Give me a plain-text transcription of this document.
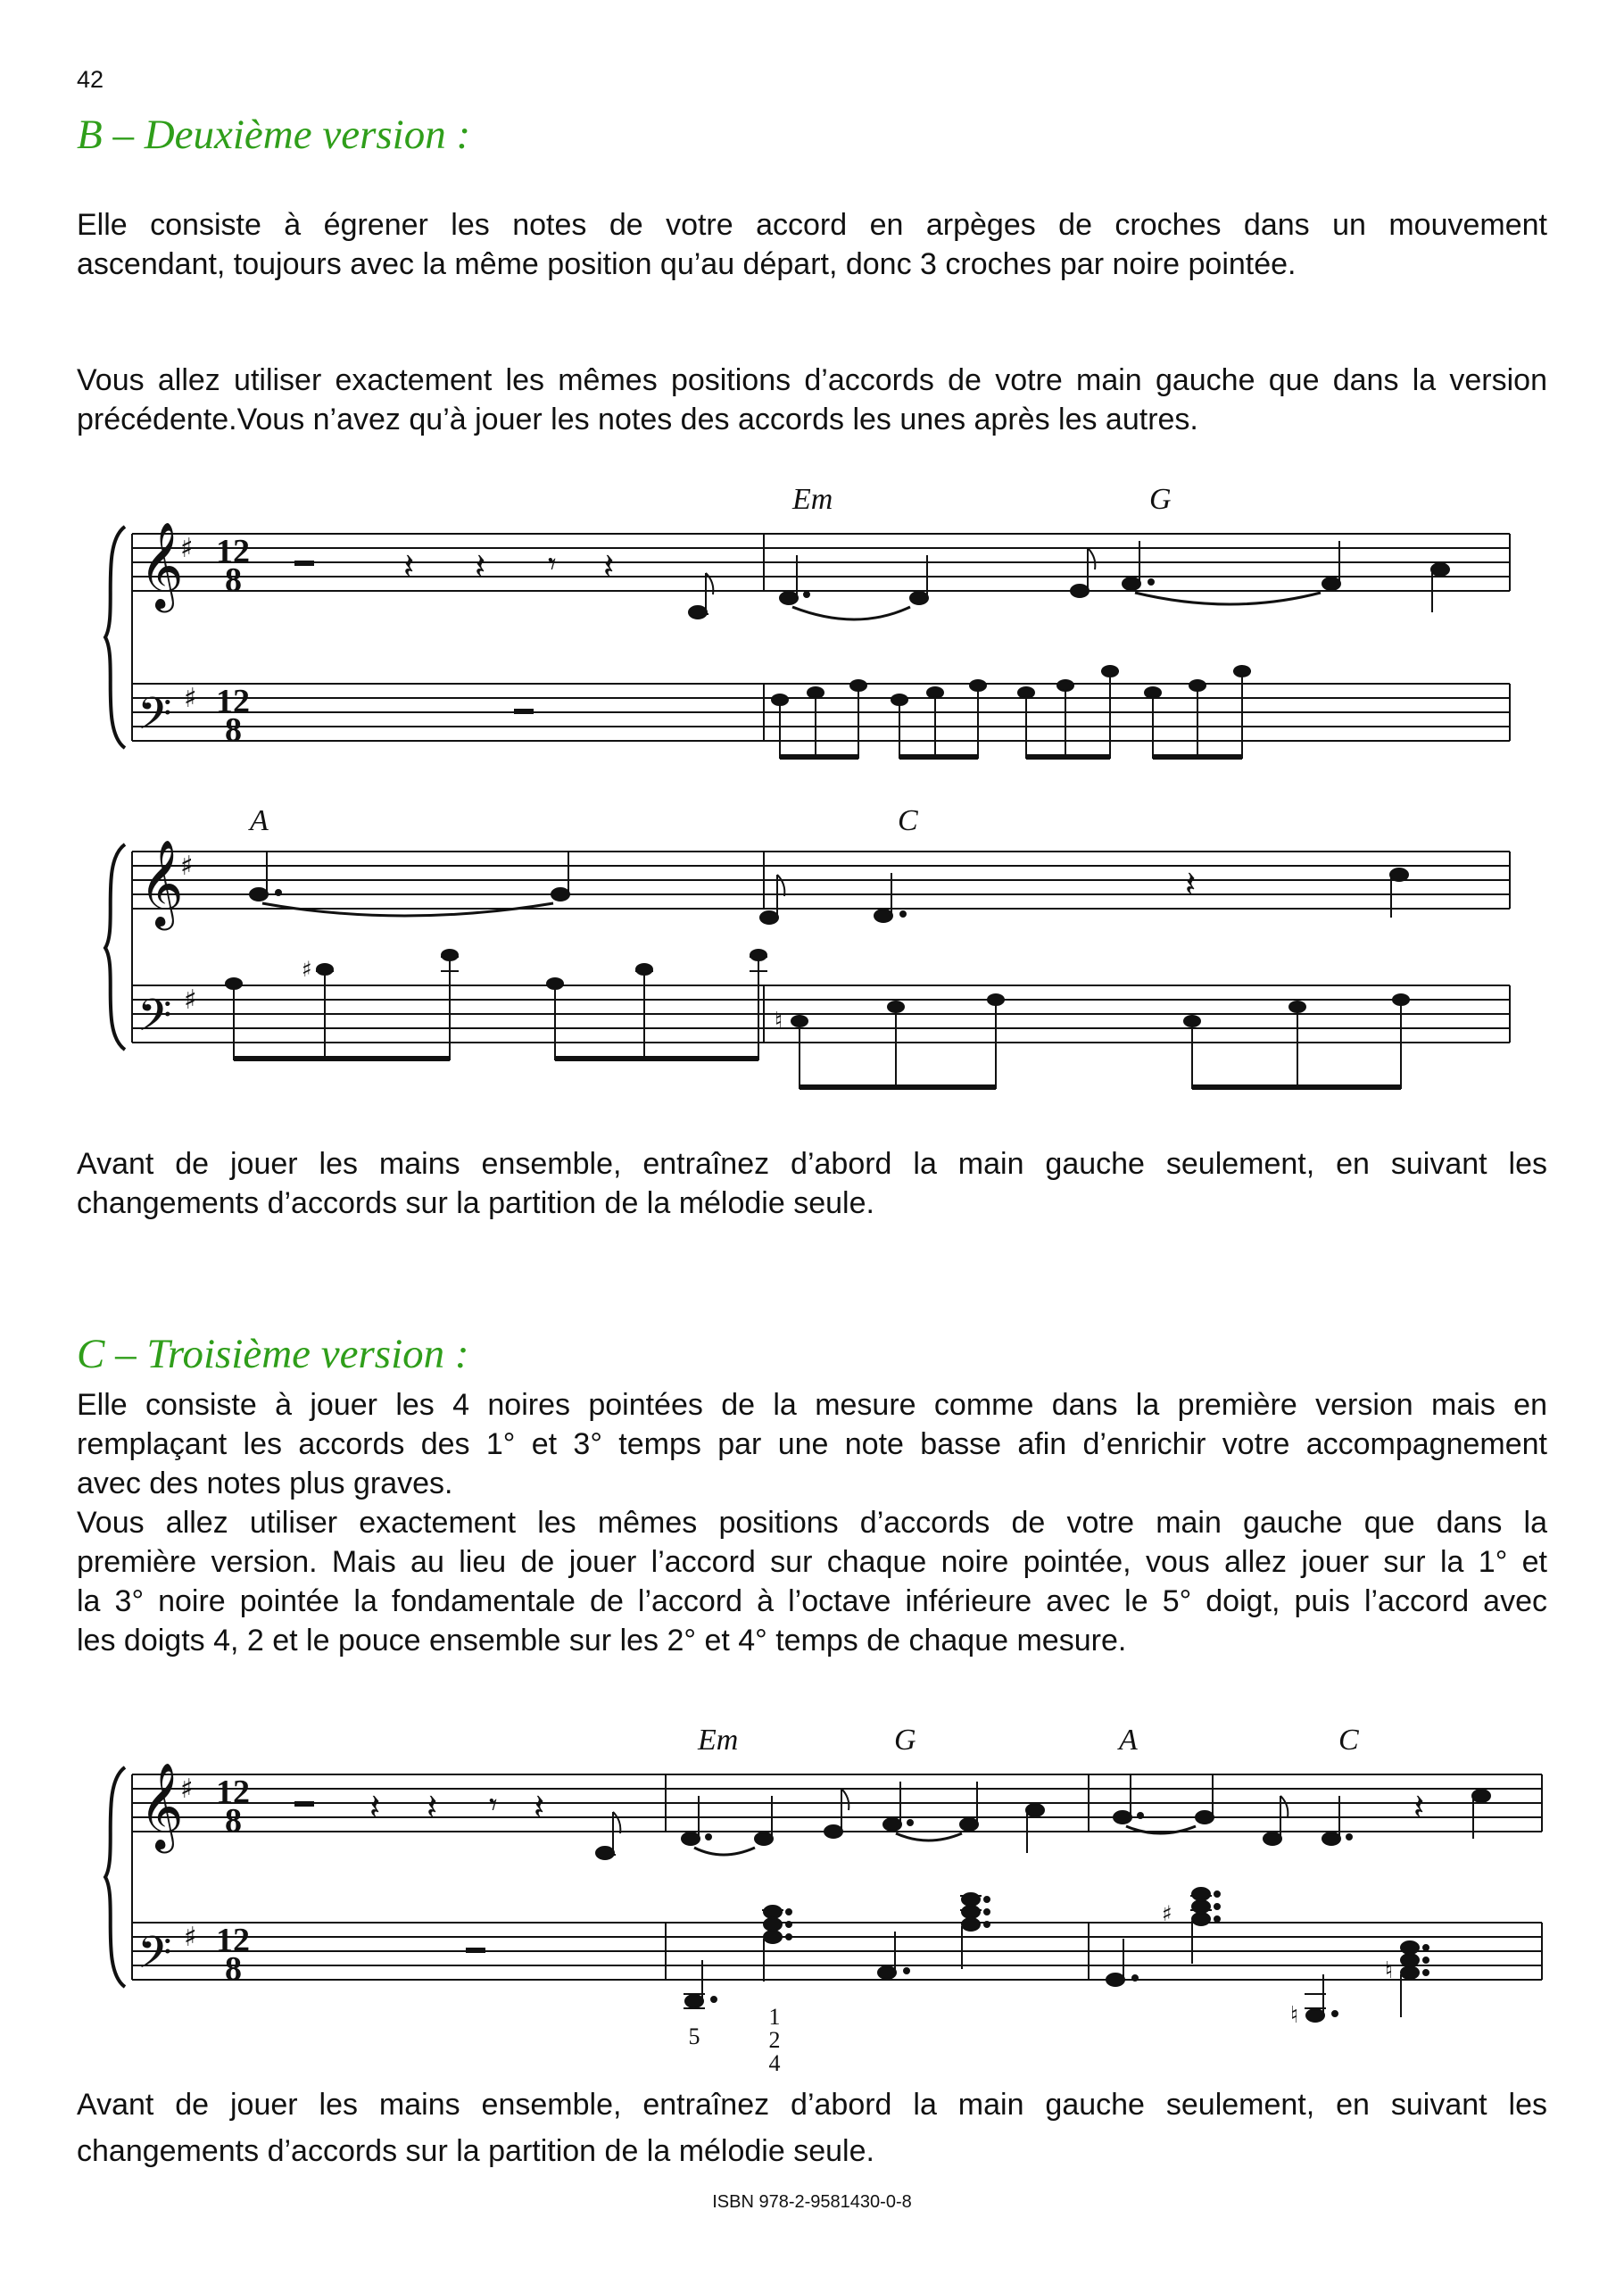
42
B – Deuxième version :

Elle consiste à égrener les notes de votre accord en arpèges de croches dans un mouvement
ascendant, toujours avec la même position qu’au départ, donc 3 croches par noire pointée.

Vous allez utiliser exactement les mêmes positions d’accords de votre main gauche que dans la version
précédente.Vous n’avez qu’à jouer les notes des accords les unes après les autres.

𝄞
𝄢
♯
♯
12
8
12
8
𝄽 𝄽 𝄾 𝄽
Em	G
𝄞
𝄢
♯
♯
A	C
𝄽
♯
♮

Avant de jouer les mains ensemble, entraînez d’abord la main gauche seulement, en suivant les
changements d’accords sur la partition de la mélodie seule.

C – Troisième version :

Elle consiste à jouer les 4 noires pointées de la mesure comme dans la première version mais en
remplaçant les accords des 1° et 3° temps par une note basse afin d’enrichir votre accompagnement
avec des notes plus graves.
Vous allez utiliser exactement les mêmes positions d’accords de votre main gauche que dans la
première version. Mais au lieu de jouer l’accord sur chaque noire pointée, vous allez jouer sur la 1° et
la 3° noire pointée la fondamentale de l’accord à l’octave inférieure avec le 5° doigt, puis l’accord avec
les doigts 4, 2 et le pouce ensemble sur les 2° et 4° temps de chaque mesure.

𝄞
𝄢
♯
♯
12
8
12
8
𝄽 𝄽 𝄾 𝄽
Em	G	A	C
𝄽
♯
♮
♮
5
1
2
4

Avant de jouer les mains ensemble, entraînez d’abord la main gauche seulement, en suivant les
changements d’accords sur la partition de la mélodie seule.

ISBN 978-2-9581430-0-8
